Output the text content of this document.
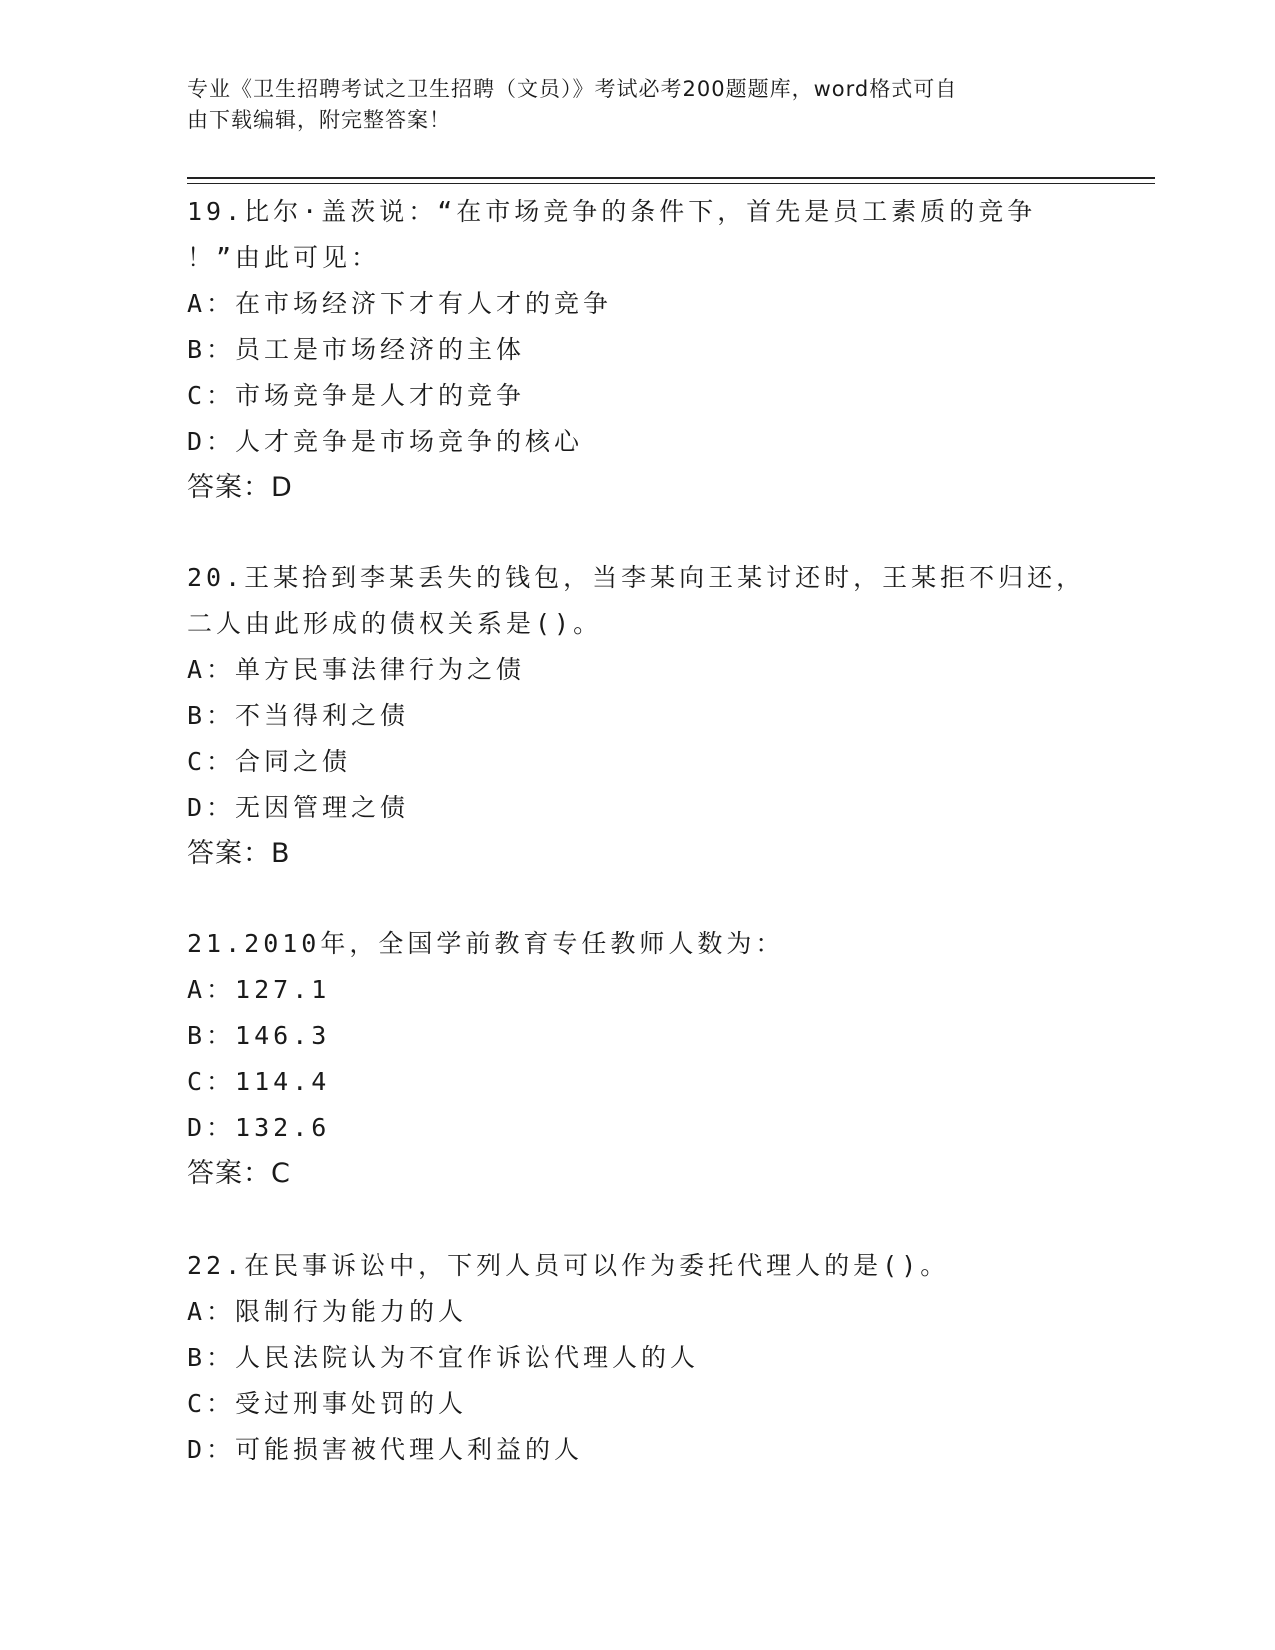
专业《卫生招聘考试之卫生招聘（文员）》考试必考200题题库，word格式可自
由下载编辑，附完整答案！
19.比尔·盖茨说：“在市场竞争的条件下，首先是员工素质的竞争
！”由此可见：
A：在市场经济下才有人才的竞争
B：员工是市场经济的主体
C：市场竞争是人才的竞争
D：人才竞争是市场竞争的核心
答案：D
20.王某拾到李某丢失的钱包，当李某向王某讨还时，王某拒不归还，
二人由此形成的债权关系是()。
A：单方民事法律行为之债
B：不当得利之债
C：合同之债
D：无因管理之债
答案：B
21.2010年，全国学前教育专任教师人数为：
A：127.1
B：146.3
C：114.4
D：132.6
答案：C
22.在民事诉讼中，下列人员可以作为委托代理人的是()。
A：限制行为能力的人
B：人民法院认为不宜作诉讼代理人的人
C：受过刑事处罚的人
D：可能损害被代理人利益的人
